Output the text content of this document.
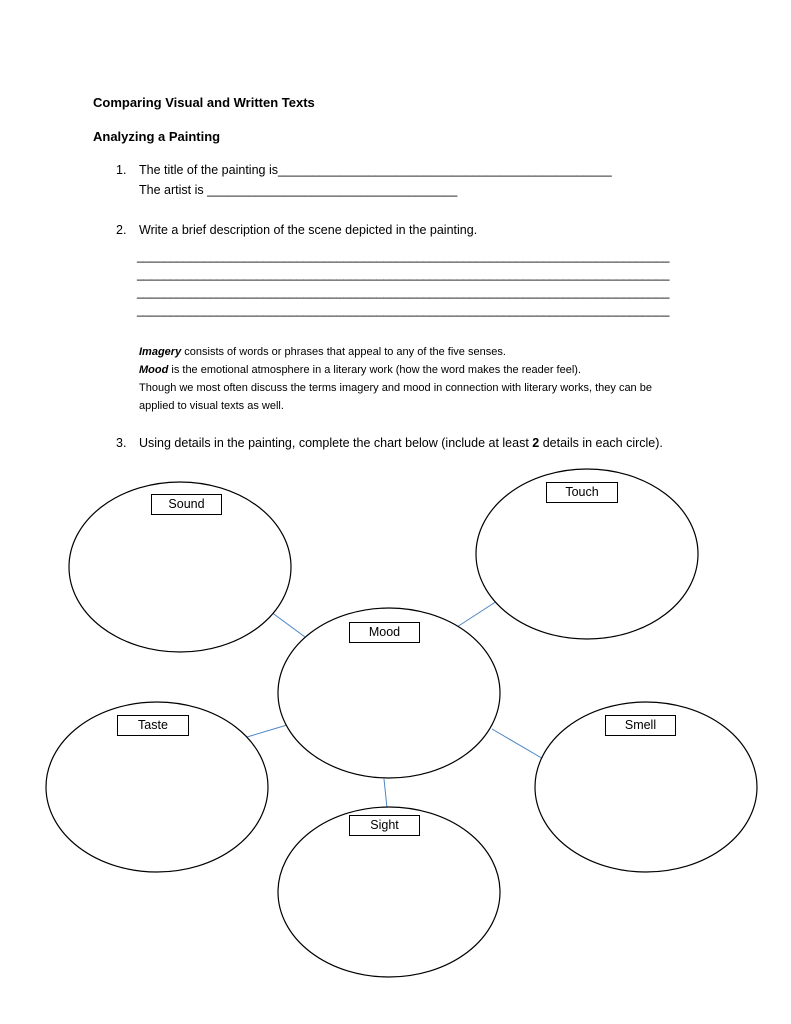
Comparing Visual and Written Texts
Analyzing a Painting
1. The title of the painting is________________________________________________
The artist is ____________________________________
2. Write a brief description of the scene depicted in the painting.
________________________________________________________________________________
________________________________________________________________________________
________________________________________________________________________________
________________________________________________________________________________
Imagery consists of words or phrases that appeal to any of the five senses.
Mood is the emotional atmosphere in a literary work (how the word makes the reader feel).
Though we most often discuss the terms imagery and mood in connection with literary works, they can be
applied to visual texts as well.
3. Using details in the painting, complete the chart below (include at least 2 details in each circle).
Sound
Touch
Mood
Taste	Smell
Sight
